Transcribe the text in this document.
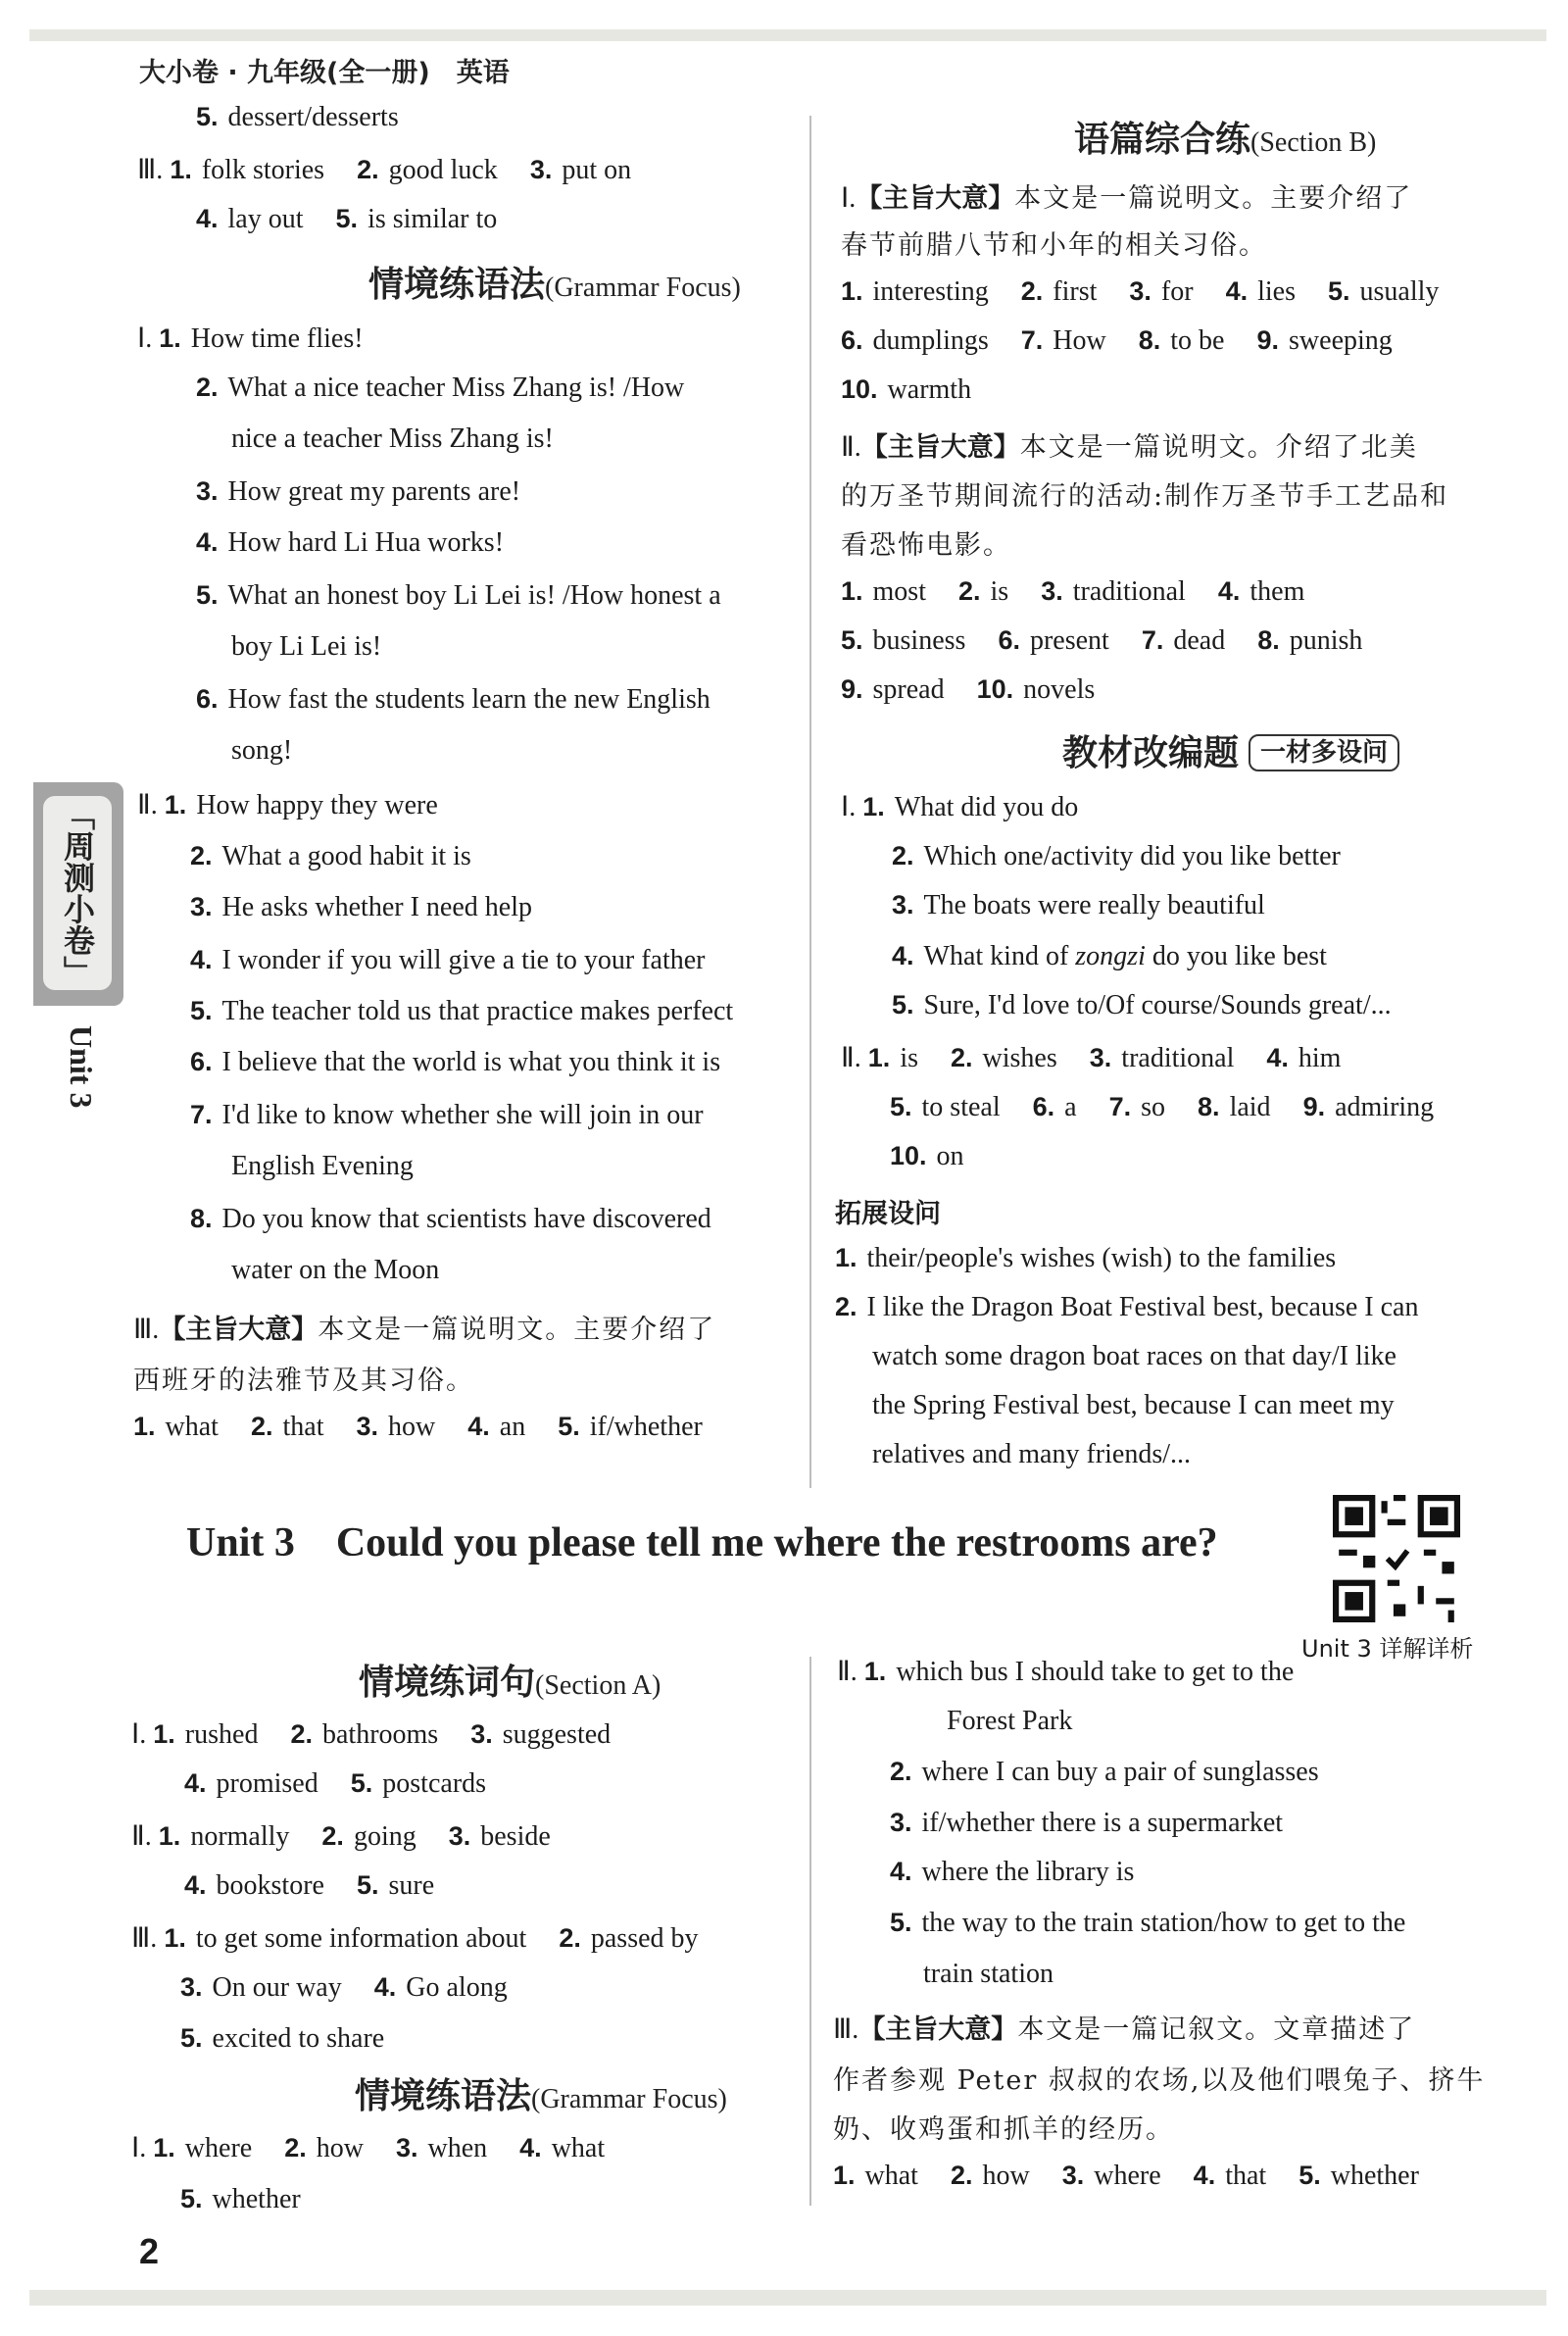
大小卷 · 九年级(全一册)　英语
「周测小卷」
Unit 3
5. dessert/desserts
Ⅲ. 1. folk stories 2. good luck 3. put on
4. lay out 5. is similar to
情境练语法(Grammar Focus)
Ⅰ. 1. How time flies!
2. What a nice teacher Miss Zhang is! /How
nice a teacher Miss Zhang is!
3. How great my parents are!
4. How hard Li Hua works!
5. What an honest boy Li Lei is! /How honest a
boy Li Lei is!
6. How fast the students learn the new English
song!
Ⅱ. 1. How happy they were
2. What a good habit it is
3. He asks whether I need help
4. I wonder if you will give a tie to your father
5. The teacher told us that practice makes perfect
6. I believe that the world is what you think it is
7. I'd like to know whether she will join in our
English Evening
8. Do you know that scientists have discovered
water on the Moon
Ⅲ.【主旨大意】本文是一篇说明文。主要介绍了
西班牙的法雅节及其习俗。
1. what 2. that 3. how 4. an 5. if/whether
语篇综合练(Section B)
Ⅰ.【主旨大意】本文是一篇说明文。主要介绍了
春节前腊八节和小年的相关习俗。
1. interesting 2. first 3. for 4. lies 5. usually
6. dumplings 7. How 8. to be 9. sweeping
10. warmth
Ⅱ.【主旨大意】本文是一篇说明文。介绍了北美
的万圣节期间流行的活动:制作万圣节手工艺品和
看恐怖电影。
1. most 2. is 3. traditional 4. them
5. business 6. present 7. dead 8. punish
9. spread 10. novels
教材改编题 一材多设问
Ⅰ. 1. What did you do
2. Which one/activity did you like better
3. The boats were really beautiful
4. What kind of zongzi do you like best
5. Sure, I'd love to/Of course/Sounds great/...
Ⅱ. 1. is 2. wishes 3. traditional 4. him
5. to steal 6. a 7. so 8. laid 9. admiring
10. on
拓展设问
1. their/people's wishes (wish) to the families
2. I like the Dragon Boat Festival best, because I can
watch some dragon boat races on that day/I like
the Spring Festival best, because I can meet my
relatives and many friends/...
Unit 3　Could you please tell me where the restrooms are?
Unit 3 详解详析
情境练词句(Section A)
Ⅰ. 1. rushed 2. bathrooms 3. suggested
4. promised 5. postcards
Ⅱ. 1. normally 2. going 3. beside
4. bookstore 5. sure
Ⅲ. 1. to get some information about 2. passed by
3. On our way 4. Go along
5. excited to share
情境练语法(Grammar Focus)
Ⅰ. 1. where 2. how 3. when 4. what
5. whether
Ⅱ. 1. which bus I should take to get to the
Forest Park
2. where I can buy a pair of sunglasses
3. if/whether there is a supermarket
4. where the library is
5. the way to the train station/how to get to the
train station
Ⅲ.【主旨大意】本文是一篇记叙文。文章描述了
作者参观 Peter 叔叔的农场,以及他们喂兔子、挤牛
奶、收鸡蛋和抓羊的经历。
1. what 2. how 3. where 4. that 5. whether
2
